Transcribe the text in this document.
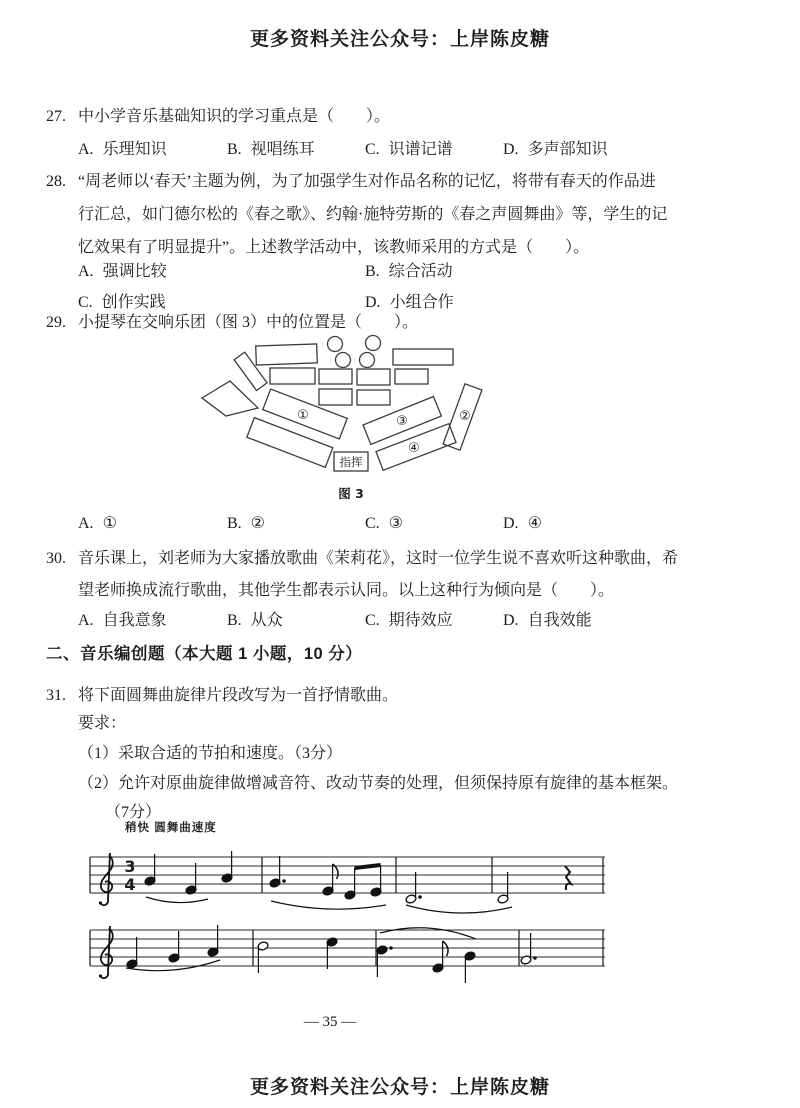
更多资料关注公众号：上岸陈皮糖
27. 中小学音乐基础知识的学习重点是（　　）。
A. 乐理知识	B. 视唱练耳	C. 识谱记谱	D. 多声部知识
28. “周老师以‘春天’主题为例，为了加强学生对作品名称的记忆，将带有春天的作品进
行汇总，如门德尔松的《春之歌》、约翰·施特劳斯的《春之声圆舞曲》等，学生的记
忆效果有了明显提升”。上述教学活动中，该教师采用的方式是（　　）。
A. 强调比较	B. 综合活动
C. 创作实践	D. 小组合作
29. 小提琴在交响乐团（图 3）中的位置是（　　）。
①	②
③
④
指挥
图 3
A. ①	B. ②	C. ③	D. ④
30. 音乐课上，刘老师为大家播放歌曲《茉莉花》，这时一位学生说不喜欢听这种歌曲，希
望老师换成流行歌曲，其他学生都表示认同。以上这种行为倾向是（　　）。
A. 自我意象	B. 从众	C. 期待效应	D. 自我效能
二、音乐编创题（本大题 1 小题，10 分）
31. 将下面圆舞曲旋律片段改写为一首抒情歌曲。
要求：
（1）采取合适的节拍和速度。（3分）
（2）允许对原曲旋律做增减音符、改动节奏的处理，但须保持原有旋律的基本框架。
（7分）
稍快 圆舞曲速度
3
4
— 35 —
更多资料关注公众号：上岸陈皮糖
